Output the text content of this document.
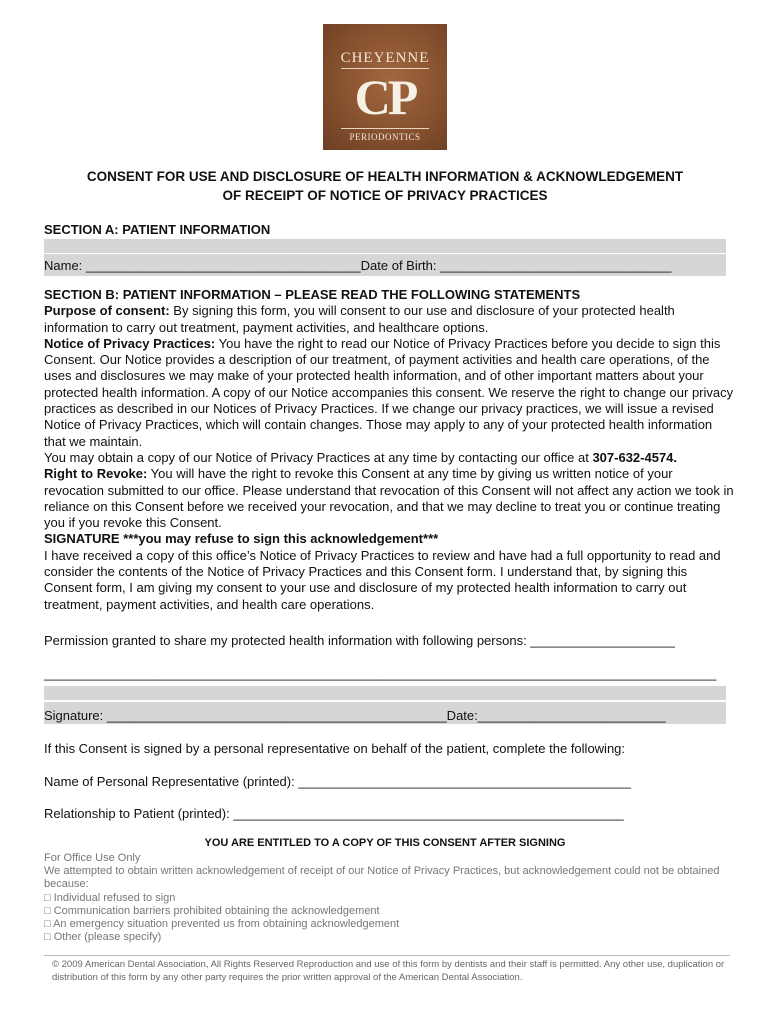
CHEYENNE
CP
PERIODONTICS
CONSENT FOR USE AND DISCLOSURE OF HEALTH INFORMATION & ACKNOWLEDGEMENT
OF RECEIPT OF NOTICE OF PRIVACY PRACTICES
SECTION A: PATIENT INFORMATION
Name: ______________________________________Date of Birth: ________________________________

SECTION B: PATIENT INFORMATION – PLEASE READ THE FOLLOWING STATEMENTS

Purpose of consent: By signing this form, you will consent to our use and disclosure of your protected health information to carry out treatment, payment activities, and healthcare options.

Notice of Privacy Practices: You have the right to read our Notice of Privacy Practices before you decide to sign this Consent. Our Notice provides a description of our treatment, of payment activities and health care operations, of the uses and disclosures we may make of your protected health information, and of other important matters about your protected health information. A copy of our Notice accompanies this consent. We reserve the right to change our privacy practices as described in our Notices of Privacy Practices. If we change our privacy practices, we will issue a revised Notice of Privacy Practices, which will contain changes. Those may apply to any of your protected health information that we maintain.

You may obtain a copy of our Notice of Privacy Practices at any time by contacting our office at 307-632-4574.

Right to Revoke: You will have the right to revoke this Consent at any time by giving us written notice of your revocation submitted to our office. Please understand that revocation of this Consent will not affect any action we took in reliance on this Consent before we received your revocation, and that we may decline to treat you or continue treating you if you revoke this Consent.

SIGNATURE ***you may refuse to sign this acknowledgement***

I have received a copy of this office’s Notice of Privacy Practices to review and have had a full opportunity to read and consider the contents of the Notice of Privacy Practices and this Consent form. I understand that, by signing this Consent form, I am giving my consent to your use and disclosure of my protected health information to carry out treatment, payment activities, and health care operations.

Permission granted to share my protected health information with following persons: ____________________
_____________________________________________________________________________________________
Signature: _______________________________________________Date:__________________________
If this Consent is signed by a personal representative on behalf of the patient, complete the following:
Name of Personal Representative (printed): ______________________________________________
Relationship to Patient (printed): ______________________________________________________
YOU ARE ENTITLED TO A COPY OF THIS CONSENT AFTER SIGNING

For Office Use Only

We attempted to obtain written acknowledgement of receipt of our Notice of Privacy Practices, but acknowledgement could not be obtained because:

□ Individual refused to sign

□ Communication barriers prohibited obtaining the acknowledgement

□ An emergency situation prevented us from obtaining acknowledgement

□ Other (please specify)

© 2009 American Dental Association, All Rights Reserved Reproduction and use of this form by dentists and their staff is permitted. Any other use, duplication or distribution of this form by any other party requires the prior written approval of the American Dental Association.
